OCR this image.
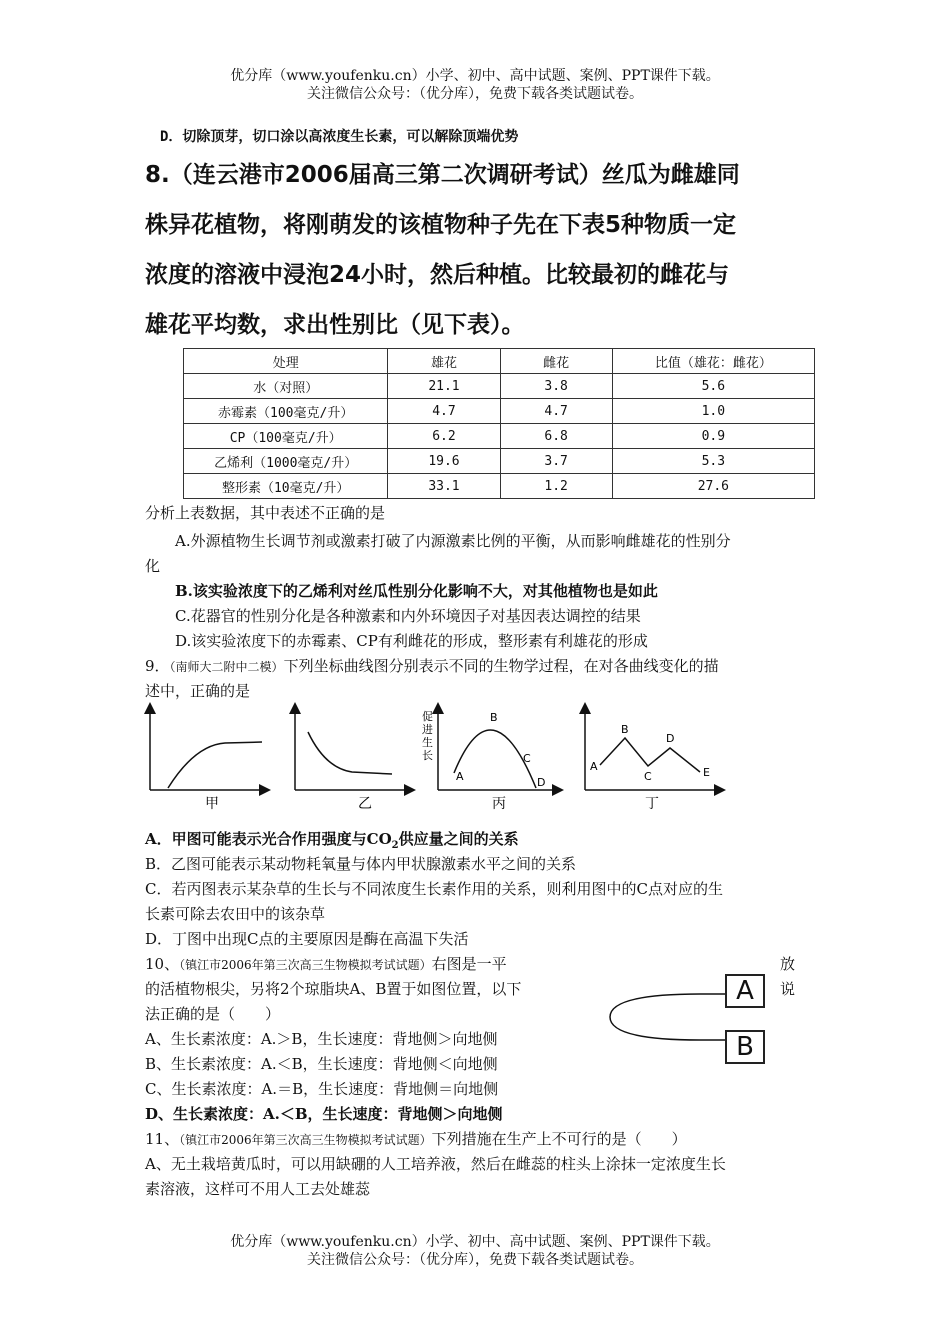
优分库（www.youfenku.cn）小学、初中、高中试题、案例、PPT课件下载。
关注微信公众号：（优分库），免费下载各类试题试卷。
D．切除顶芽，切口涂以高浓度生长素，可以解除顶端优势
8.（连云港市2006届高三第二次调研考试）丝瓜为雌雄同
株异花植物，将刚萌发的该植物种子先在下表5种物质一定
浓度的溶液中浸泡24小时，然后种植。比较最初的雌花与
雄花平均数，求出性别比（见下表）。
处理	雄花	雌花	比值（雄花：雌花）
水（对照）	21.1	3.8	5.6
赤霉素（100毫克/升）	4.7	4.7	1.0
CP（100毫克/升）	6.2	6.8	0.9
乙烯利（1000毫克/升）	19.6	3.7	5.3
整形素（10毫克/升）	33.1	1.2	27.6
分析上表数据，其中表述不正确的是
A.外源植物生长调节剂或激素打破了内源激素比例的平衡，从而影响雌雄花的性别分
化
B.该实验浓度下的乙烯利对丝瓜性别分化影响不大，对其他植物也是如此
C.花器官的性别分化是各种激素和内外环境因子对基因表达调控的结果
D.该实验浓度下的赤霉素、CP有利雌花的形成，整形素有利雄花的形成
9．（南师大二附中二模）下列坐标曲线图分别表示不同的生物学过程，在对各曲线变化的描
述中，正确的是
甲	乙
促
进
生
长
A
B
C
D
丙
A
B
C
D
E
丁
A．甲图可能表示光合作用强度与$CO_2$供应量之间的关系
B．乙图可能表示某动物耗氧量与体内甲状腺激素水平之间的关系
C．若丙图表示某杂草的生长与不同浓度生长素作用的关系，则利用图中的C点对应的生
长素可除去农田中的该杂草
D．丁图中出现C点的主要原因是酶在高温下失活
10、（镇江市2006年第三次高三生物模拟考试试题）右图是一平	放
的活植物根尖，另将2个琼脂块A、B置于如图位置，以下	说
法正确的是（　　）
A
B
A、生长素浓度：A.＞B，生长速度：背地侧＞向地侧
B、生长素浓度：A.＜B，生长速度：背地侧＜向地侧
C、生长素浓度：A.＝B，生长速度：背地侧＝向地侧
D、生长素浓度：A.＜B，生长速度：背地侧＞向地侧
11、（镇江市2006年第三次高三生物模拟考试试题）下列措施在生产上不可行的是（　　）
A、无土栽培黄瓜时，可以用缺硼的人工培养液，然后在雌蕊的柱头上涂抹一定浓度生长
素溶液，这样可不用人工去处雄蕊
优分库（www.youfenku.cn）小学、初中、高中试题、案例、PPT课件下载。
关注微信公众号：（优分库），免费下载各类试题试卷。
